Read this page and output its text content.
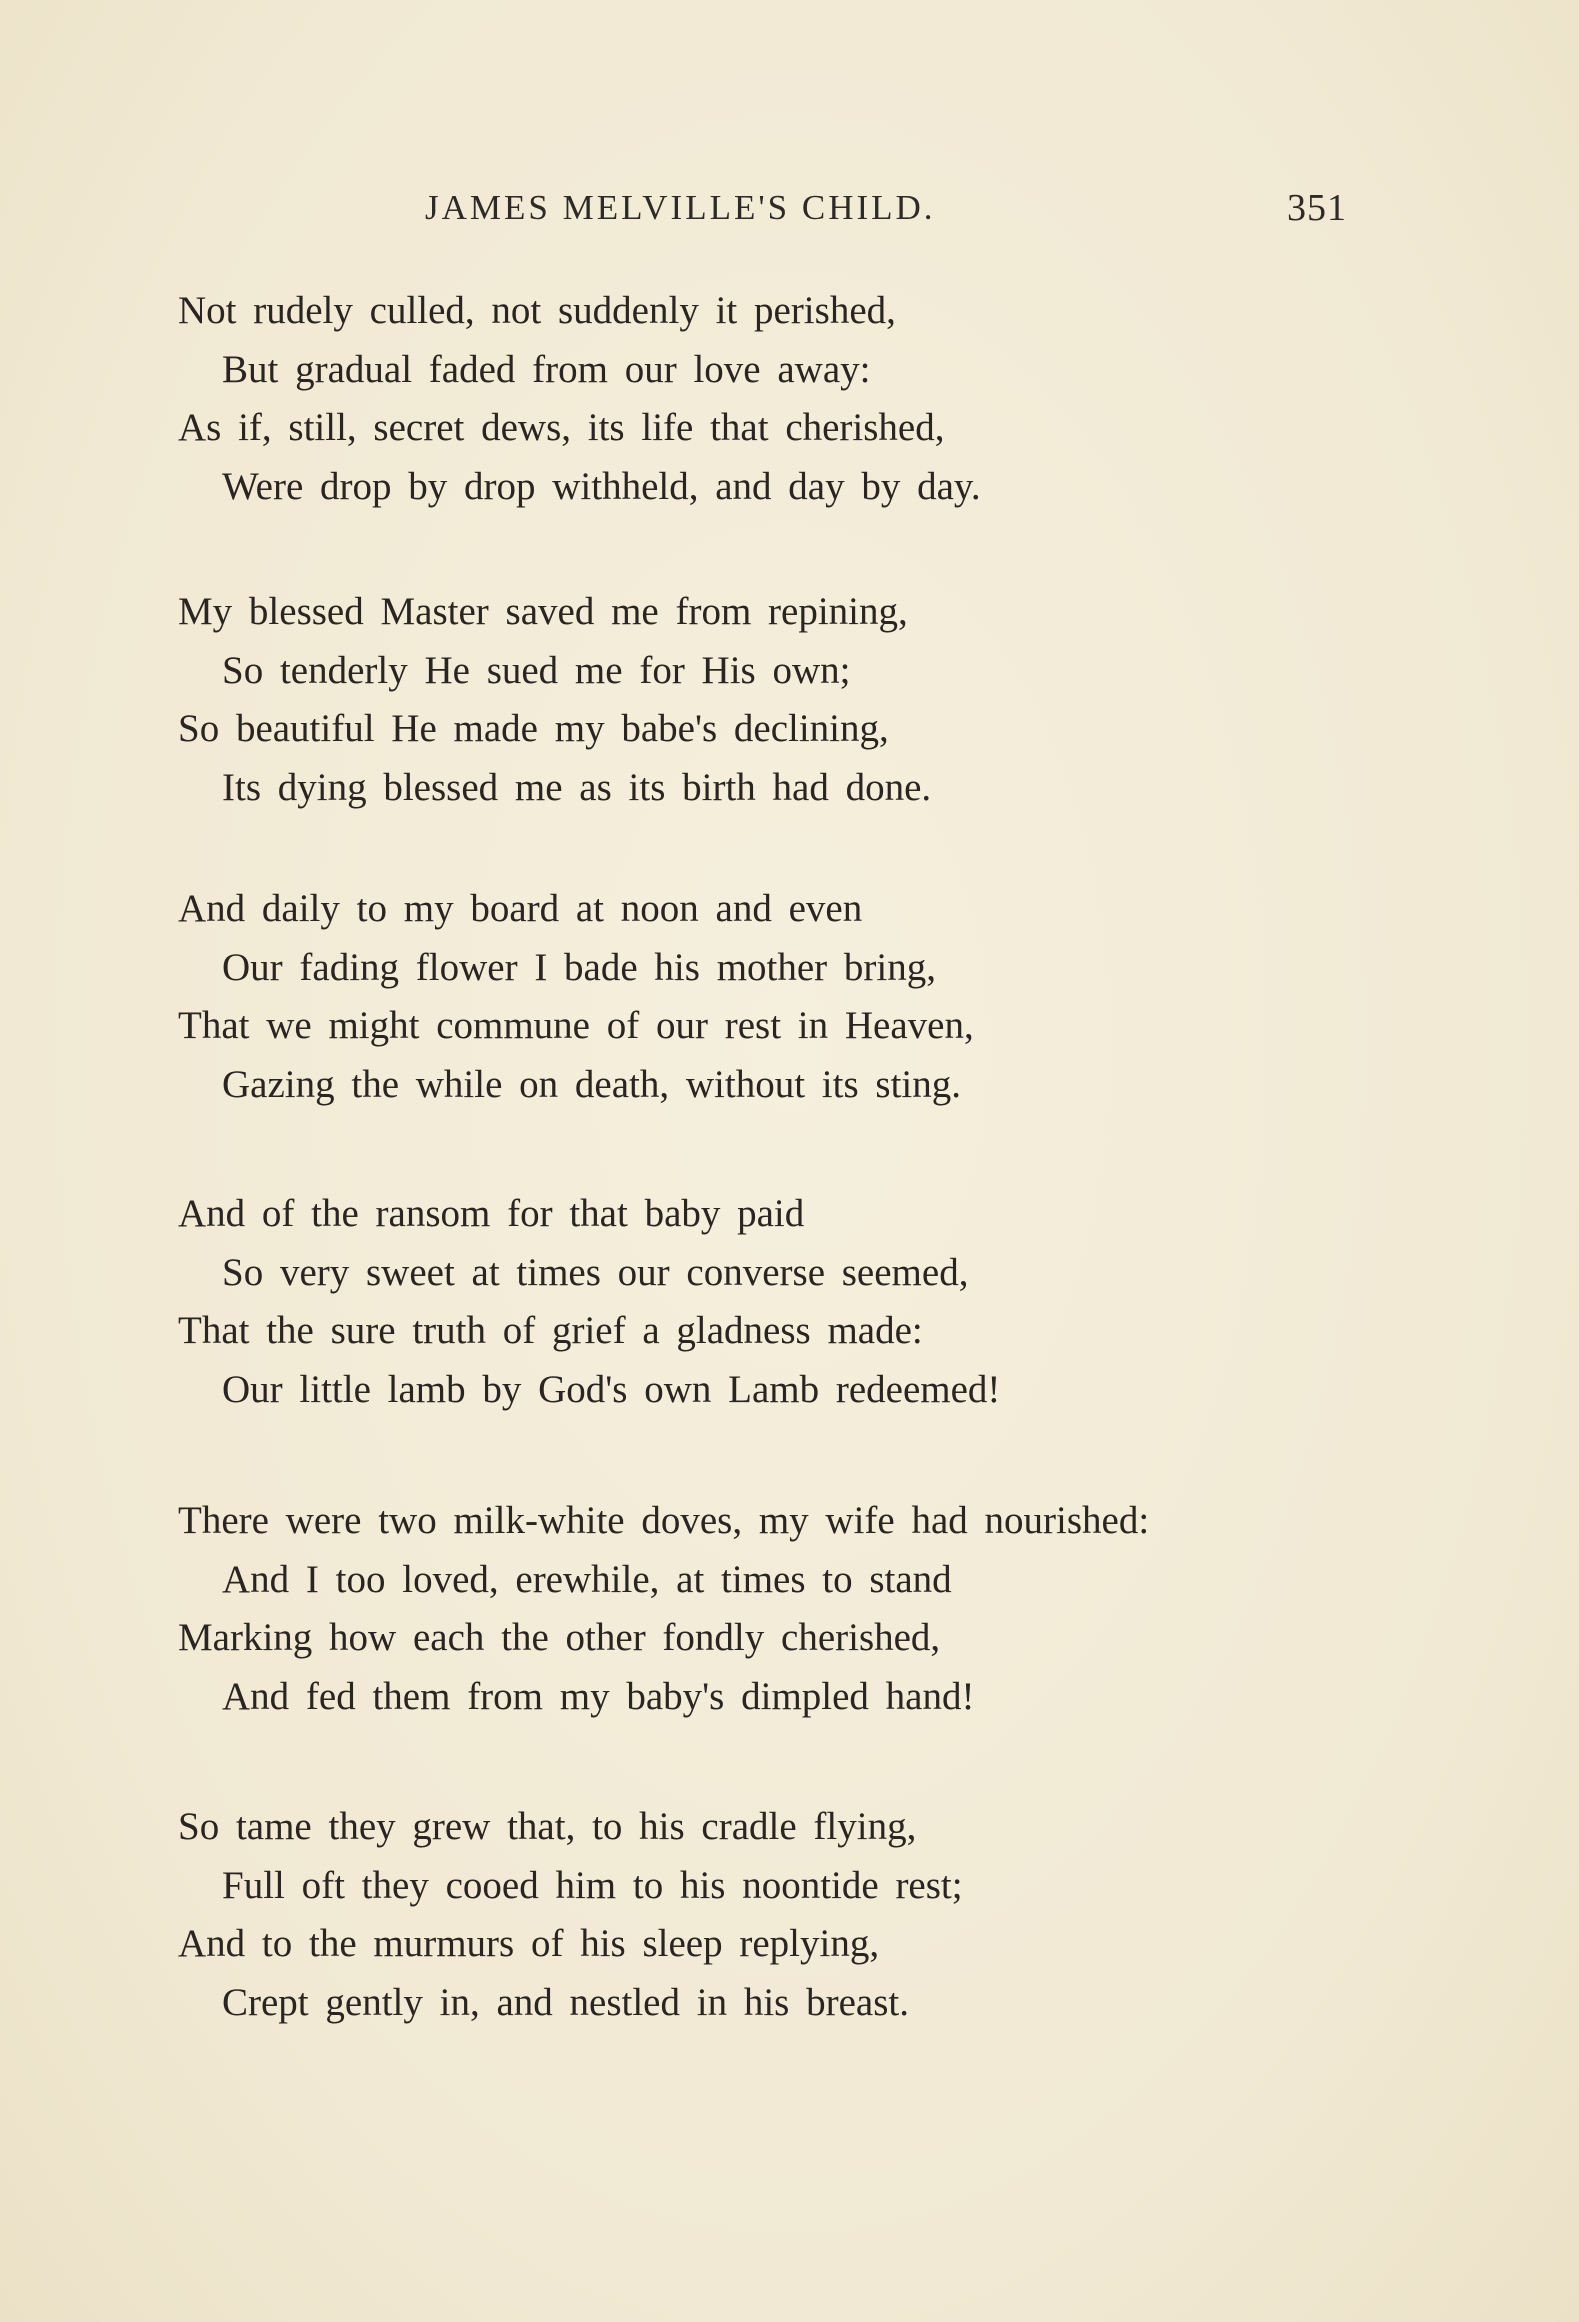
JAMES MELVILLE'S CHILD.	351
Not rudely culled, not suddenly it perished,
But gradual faded from our love away:
As if, still, secret dews, its life that cherished,
Were drop by drop withheld, and day by day.
My blessed Master saved me from repining,
So tenderly He sued me for His own;
So beautiful He made my babe's declining,
Its dying blessed me as its birth had done.
And daily to my board at noon and even
Our fading flower I bade his mother bring,
That we might commune of our rest in Heaven,
Gazing the while on death, without its sting.
And of the ransom for that baby paid
So very sweet at times our converse seemed,
That the sure truth of grief a gladness made:
Our little lamb by God's own Lamb redeemed!
There were two milk-white doves, my wife had nourished:
And I too loved, erewhile, at times to stand
Marking how each the other fondly cherished,
And fed them from my baby's dimpled hand!
So tame they grew that, to his cradle flying,
Full oft they cooed him to his noontide rest;
And to the murmurs of his sleep replying,
Crept gently in, and nestled in his breast.
